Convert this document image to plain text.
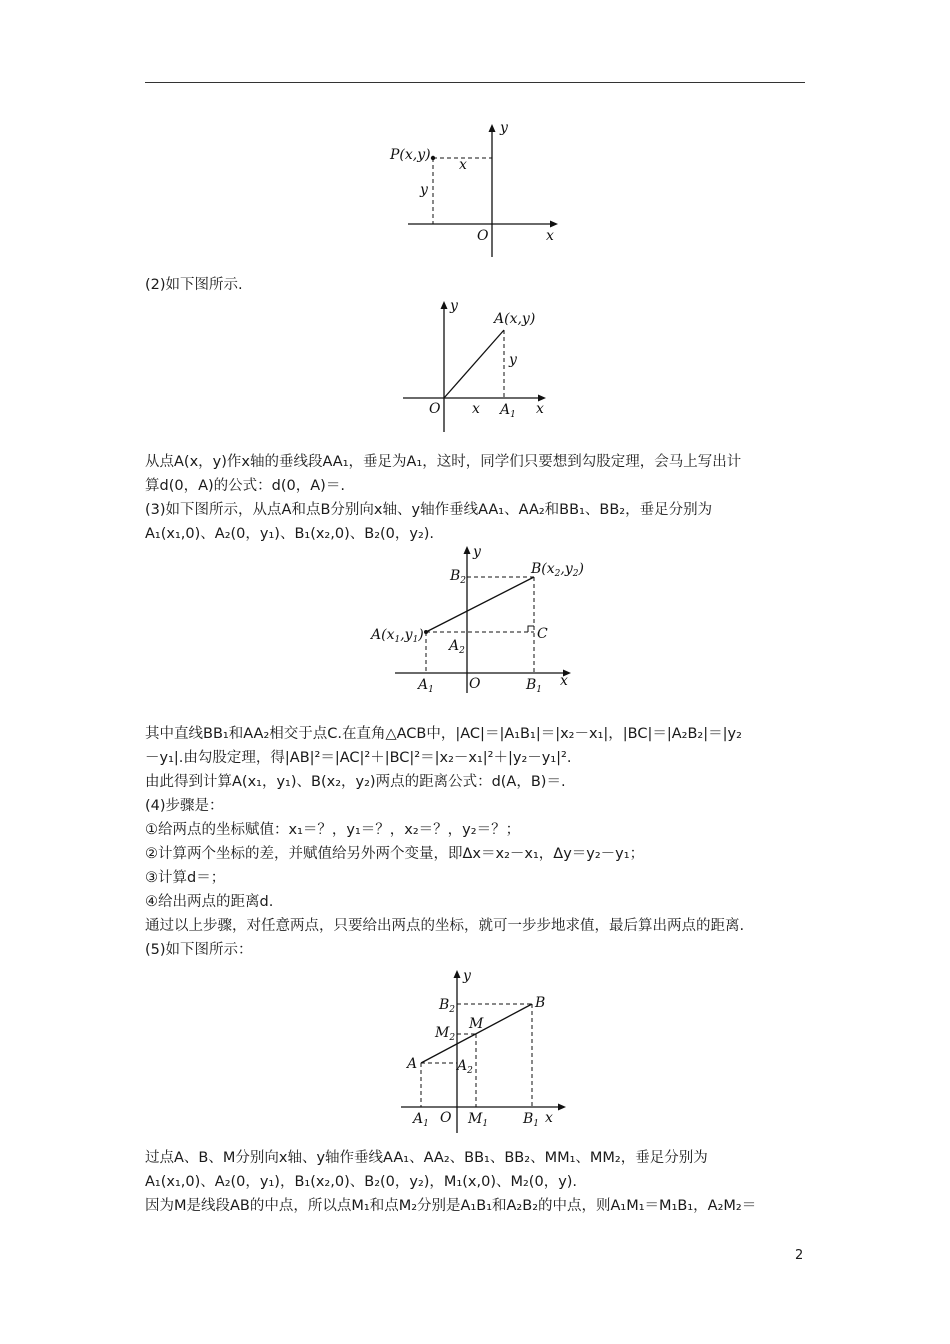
P(x,y)
x
y
O	x
y
(2)如下图所示.
A(x,y)
y
x
O	$A_1$ x
y
从点A(x，y)作x轴的垂线段AA₁，垂足为A₁，这时，同学们只要想到勾股定理，会马上写出计
算d(0，A)的公式：d(0，A)＝.
(3)如下图所示，从点A和点B分别向x轴、y轴作垂线AA₁、AA₂和BB₁、BB₂，垂足分别为
A₁(x₁,0)、A₂(0，y₁)、B₁(x₂,0)、B₂(0，y₂).
$B(x_2,y_2)$
$A(x_1,y_1)$
$B_2$
$A_2$
C
$A_1$	O	$B_1$
x
y
其中直线BB₁和AA₂相交于点C.在直角△ACB中，|AC|＝|A₁B₁|＝|x₂－x₁|，|BC|＝|A₂B₂|＝|y₂
－y₁|.由勾股定理，得|AB|²＝|AC|²＋|BC|²＝|x₂－x₁|²＋|y₂－y₁|².
由此得到计算A(x₁，y₁)、B(x₂，y₂)两点的距离公式：d(A，B)＝.
(4)步骤是：
①给两点的坐标赋值：x₁＝？，y₁＝？，x₂＝？，y₂＝？；
②计算两个坐标的差，并赋值给另外两个变量，即Δx＝x₂－x₁，Δy＝y₂－y₁；
③计算d＝；
④给出两点的距离d.
通过以上步骤，对任意两点，只要给出两点的坐标，就可一步步地求值，最后算出两点的距离.
(5)如下图所示：
B
M
A
$B_2$
$M_2$
$A_2$
$A_1$ O $M_1$ $B_1$ x
y
过点A、B、M分别向x轴、y轴作垂线AA₁、AA₂、BB₁、BB₂、MM₁、MM₂，垂足分别为
A₁(x₁,0)、A₂(0，y₁)，B₁(x₂,0)、B₂(0，y₂)，M₁(x,0)、M₂(0，y).
因为M是线段AB的中点，所以点M₁和点M₂分别是A₁B₁和A₂B₂的中点，则A₁M₁＝M₁B₁，A₂M₂＝
2
